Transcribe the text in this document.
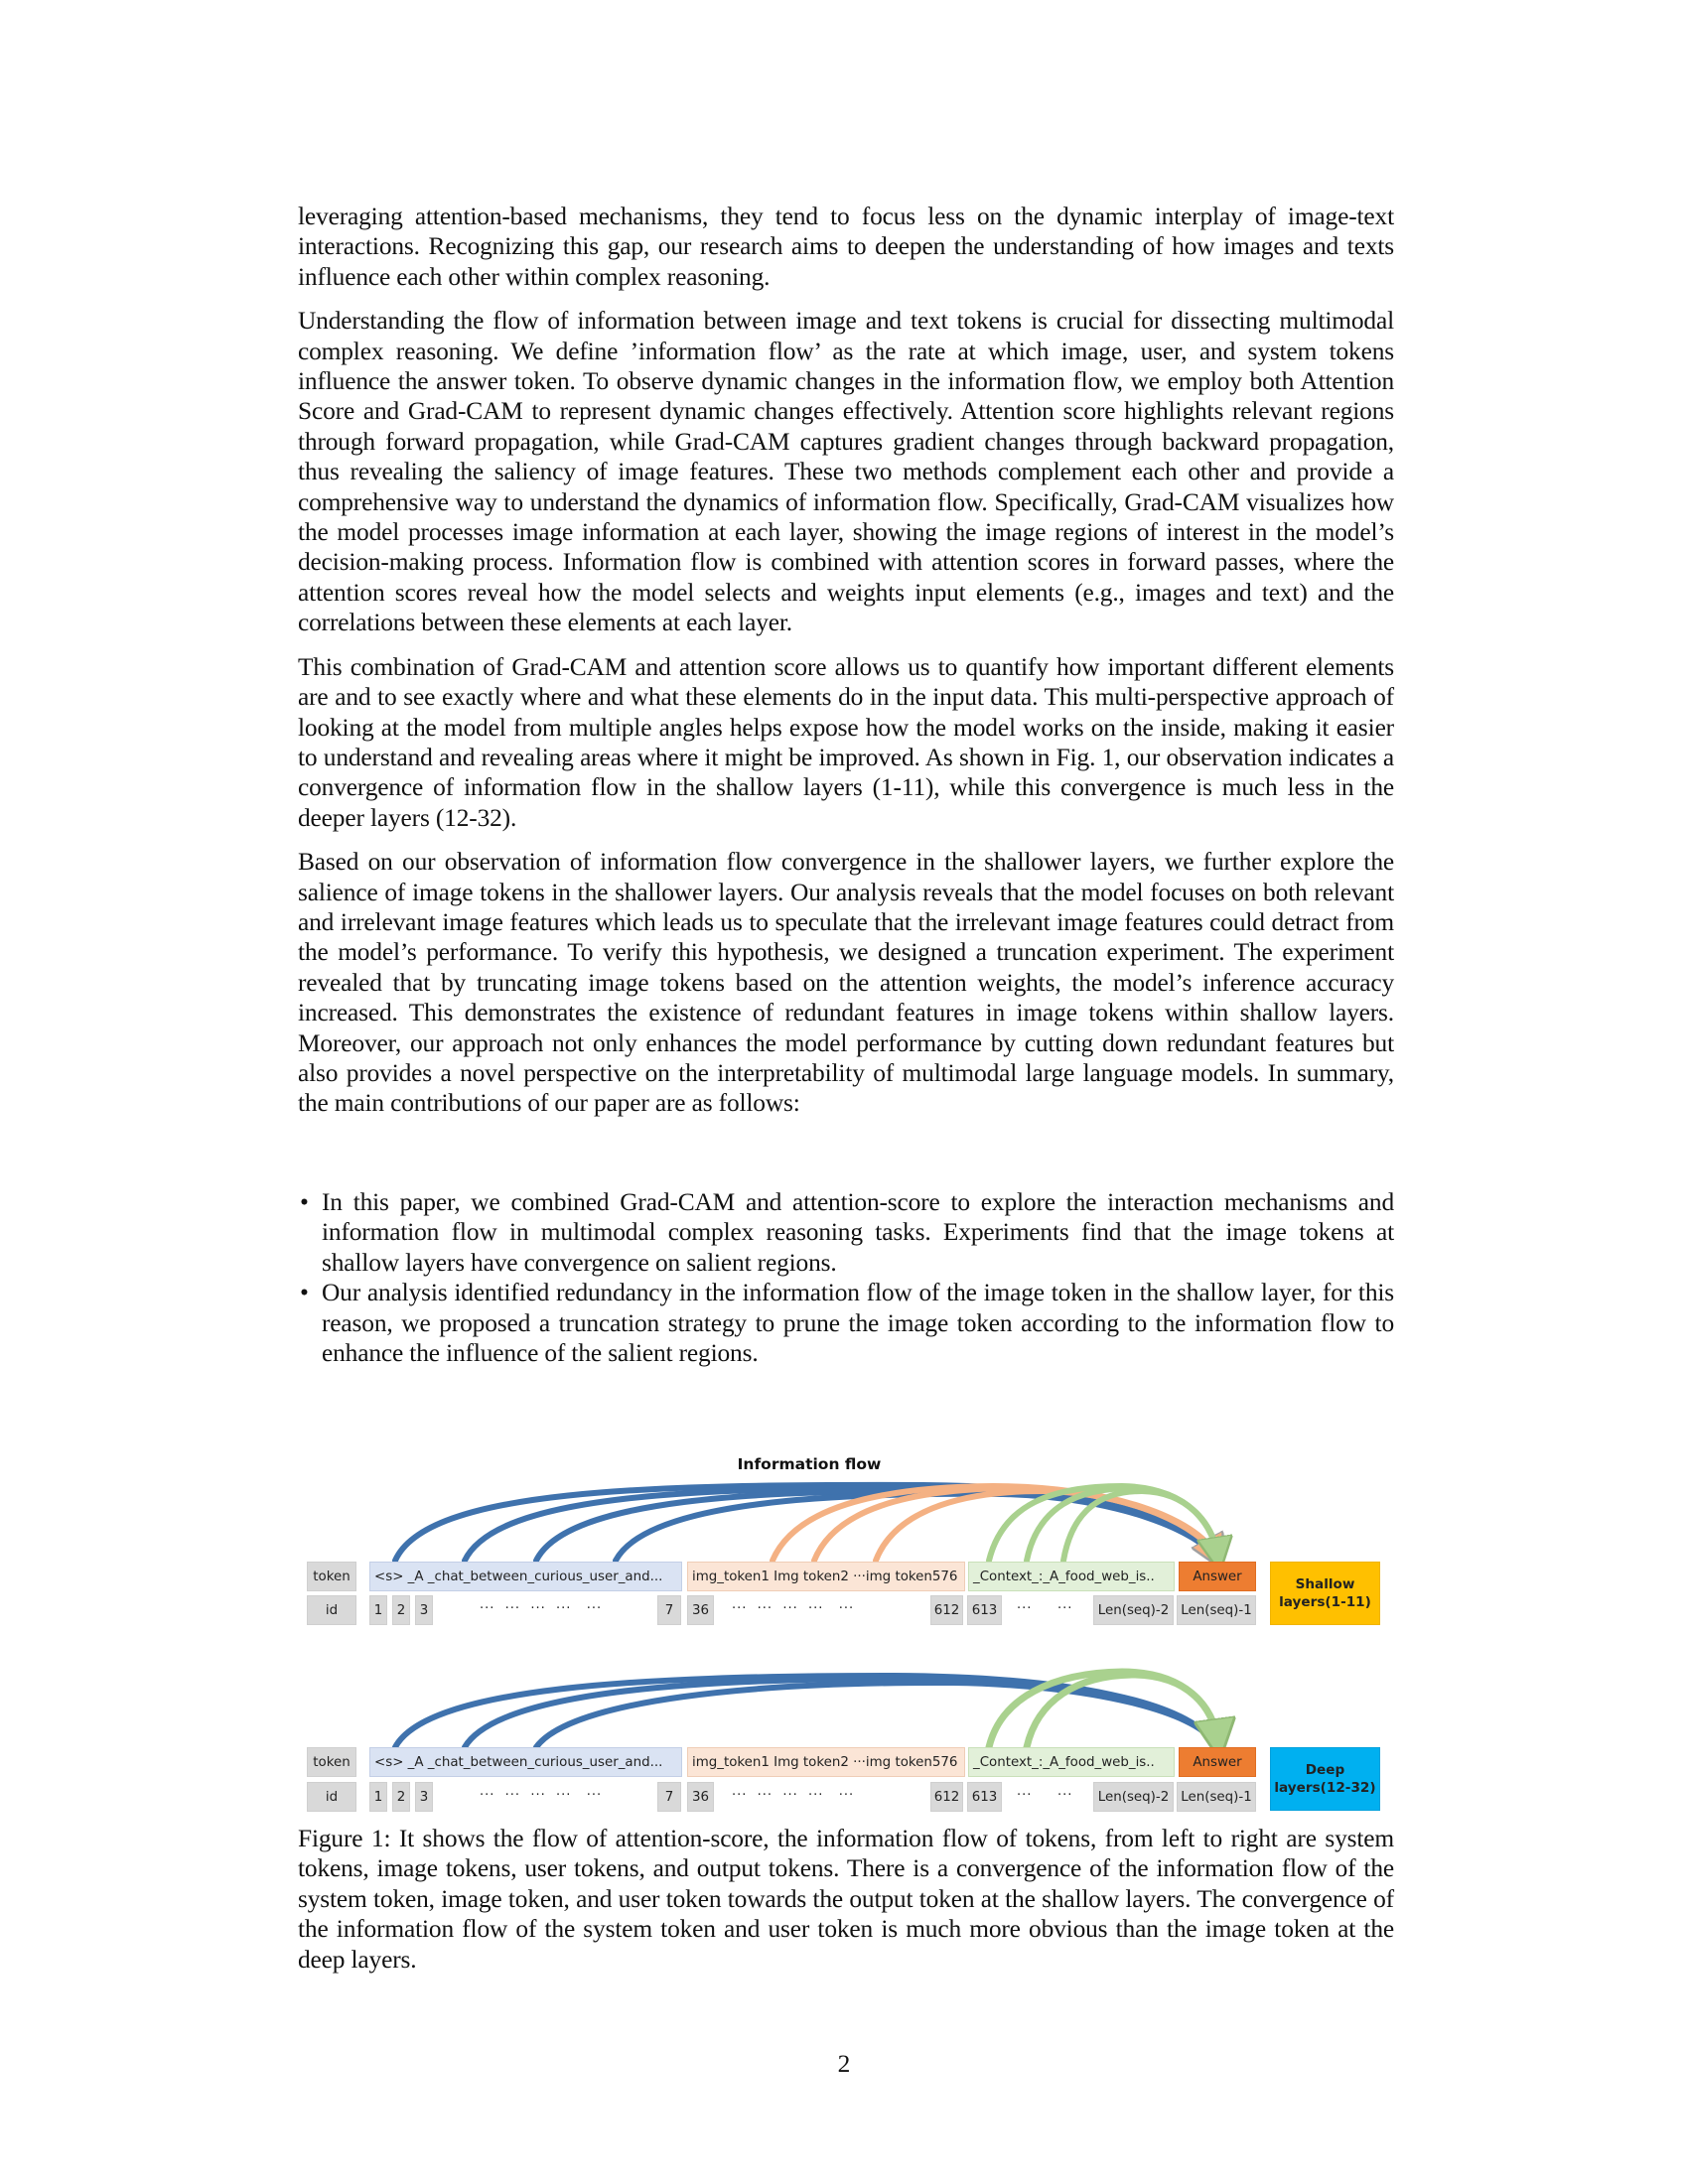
leveraging attention-based mechanisms, they tend to focus less on the dynamic interplay of image-text interactions. Recognizing this gap, our research aims to deepen the understanding of how images and texts influence each other within complex reasoning.

Understanding the flow of information between image and text tokens is crucial for dissecting multimodal complex reasoning. We define ’information flow’ as the rate at which image, user, and system tokens influence the answer token. To observe dynamic changes in the information flow, we employ both Attention Score and Grad-CAM to represent dynamic changes effectively. Attention score highlights relevant regions through forward propagation, while Grad-CAM captures gradient changes through backward propagation, thus revealing the saliency of image features. These two methods complement each other and provide a comprehensive way to understand the dynamics of information flow. Specifically, Grad-CAM visualizes how the model processes image information at each layer, showing the image regions of interest in the model’s decision-making process. Information flow is combined with attention scores in forward passes, where the attention scores reveal how the model selects and weights input elements (e.g., images and text) and the correlations between these elements at each layer.

This combination of Grad-CAM and attention score allows us to quantify how important different elements are and to see exactly where and what these elements do in the input data. This multi-perspective approach of looking at the model from multiple angles helps expose how the model works on the inside, making it easier to understand and revealing areas where it might be improved. As shown in Fig. 1, our observation indicates a convergence of information flow in the shallow layers (1-11), while this convergence is much less in the deeper layers (12-32).

Based on our observation of information flow convergence in the shallower layers, we further explore the salience of image tokens in the shallower layers. Our analysis reveals that the model focuses on both relevant and irrelevant image features which leads us to speculate that the irrelevant image features could detract from the model’s performance. To verify this hypothesis, we designed a truncation experiment. The experiment revealed that by truncating image tokens based on the attention weights, the model’s inference accuracy increased. This demonstrates the existence of redundant features in image tokens within shallow layers. Moreover, our approach not only enhances the model performance by cutting down redundant features but also provides a novel perspective on the interpretability of multimodal large language models. In summary, the main contributions of our paper are as follows:

• In this paper, we combined Grad-CAM and attention-score to explore the interaction mechanisms and information flow in multimodal complex reasoning tasks. Experiments find that the image tokens at shallow layers have convergence on salient regions.
• Our analysis identified redundancy in the information flow of the image token in the shallow layer, for this reason, we proposed a truncation strategy to prune the image token according to the information flow to enhance the influence of the salient regions.
Information flow
token	<s> _A _chat_between_curious_user_and...	img_token1 Img token2 ···img token576	_Context_:_A_food_web_is..	Answer
id	1	2	3	···  ···  ···  ···   ···	7	36	···  ···  ···  ···   ···	612 613	··· ···	Len(seq)-2 Len(seq)-1
Shallow layers(1-11)
token	<s> _A _chat_between_curious_user_and...	img_token1 Img token2 ···img token576	_Context_:_A_food_web_is..	Answer
id	1	2	3	···  ···  ···  ···   ···	7	36	···  ···  ···  ···   ···	612 613	··· ···	Len(seq)-2 Len(seq)-1
Deep layers(12-32)
Figure 1: It shows the flow of attention-score, the information flow of tokens, from left to right are system tokens, image tokens, user tokens, and output tokens. There is a convergence of the information flow of the system token, image token, and user token towards the output token at the shallow layers. The convergence of the information flow of the system token and user token is much more obvious than the image token at the deep layers.
2
